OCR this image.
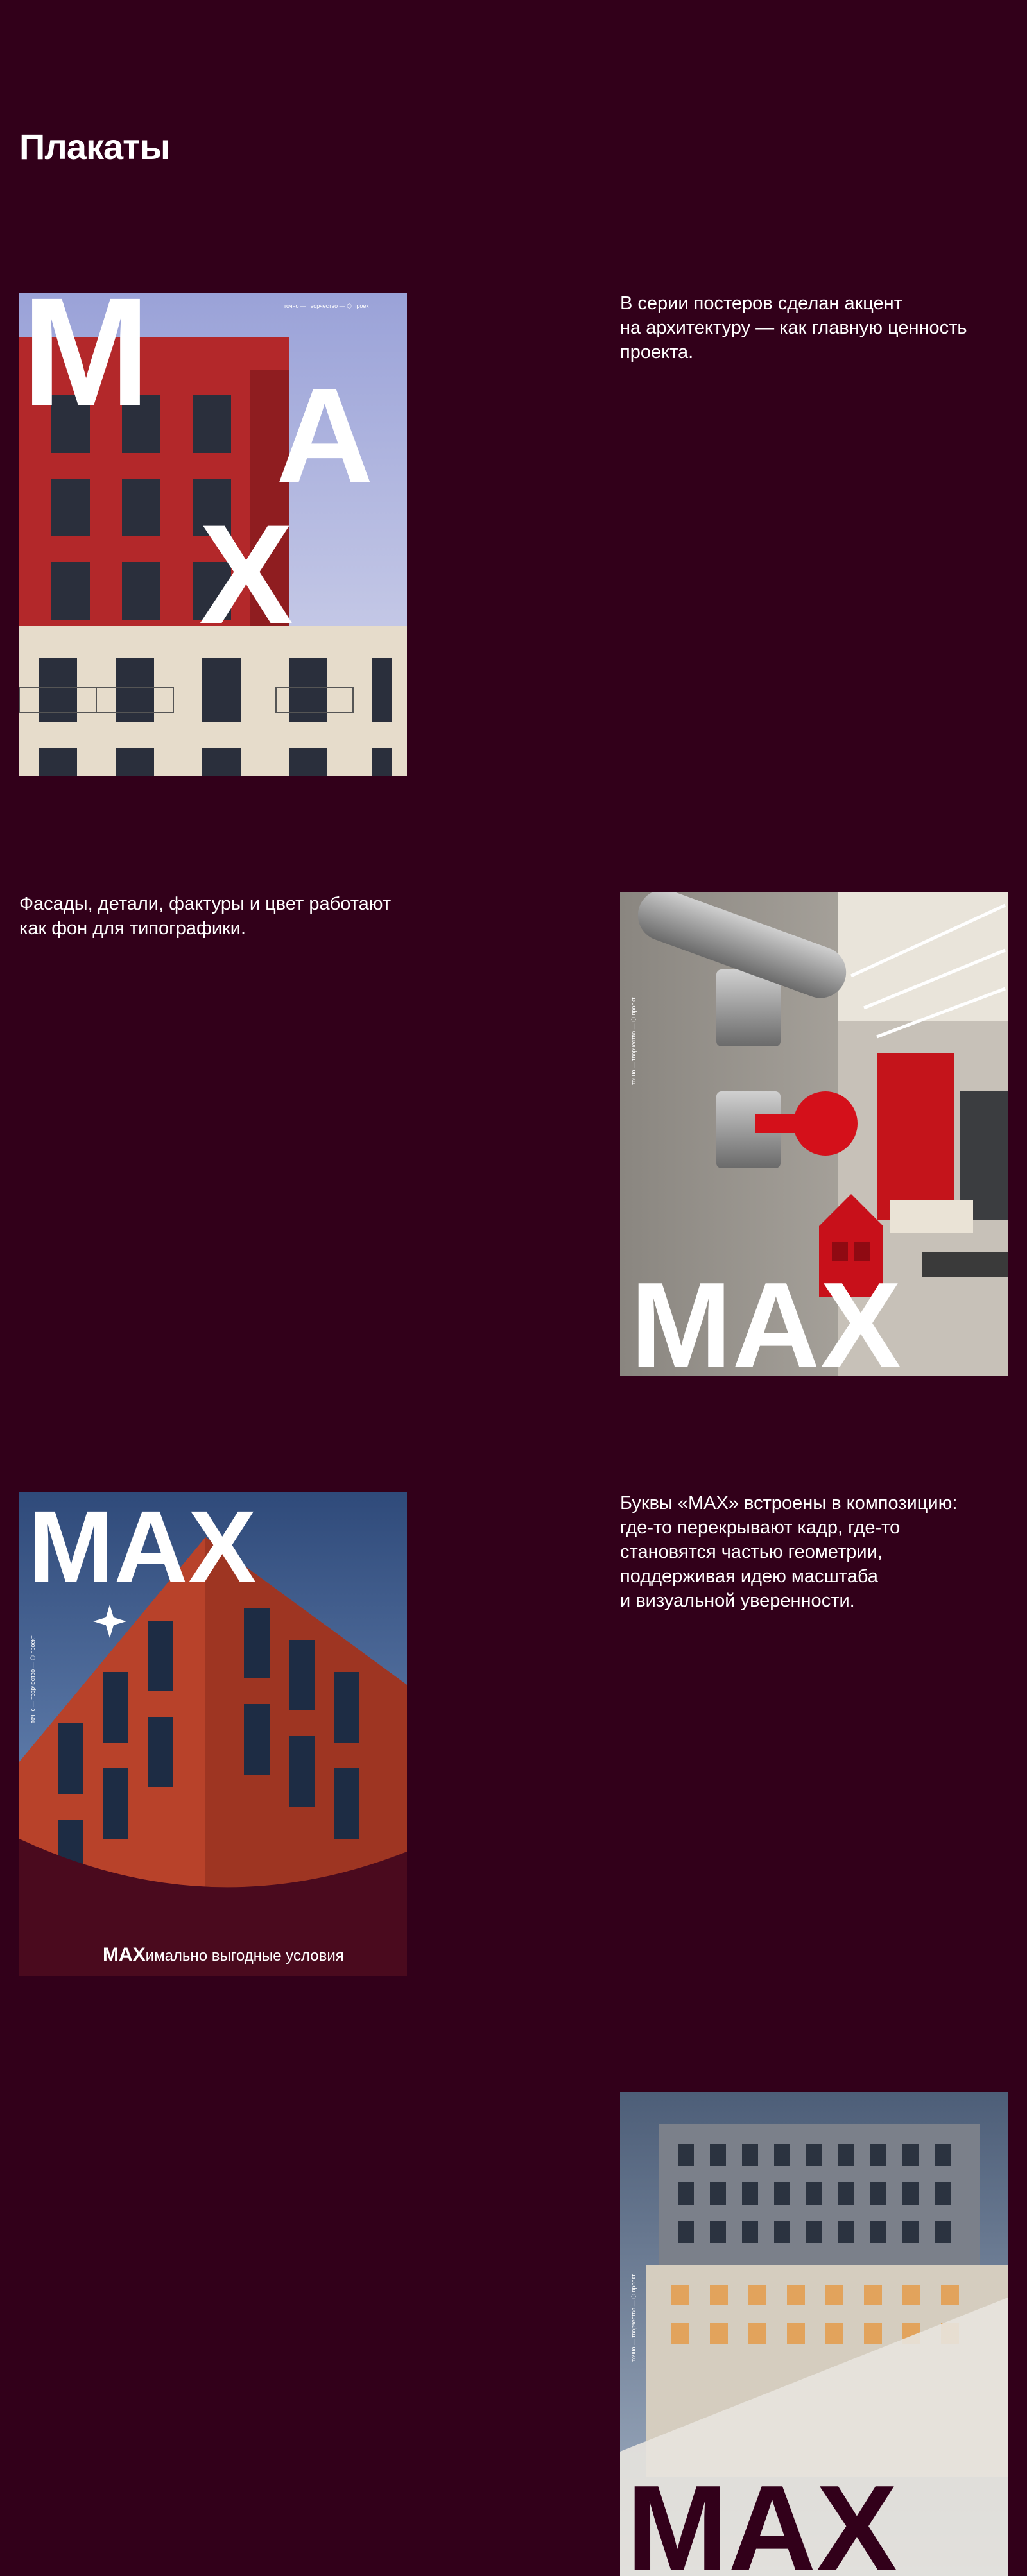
Плакаты

В серии постеров сделан акцент
на архитектуру — как главную ценность
проекта.

Фасады, детали, фактуры и цвет работают
как фон для типографики.

Буквы «MAX» встроены в композицию:
где-то перекрывают кадр, где-то
становятся частью геометрии,
поддерживая идею масштаба
и визуальной уверенности.

M A
X
точно — творчество — ⬡ проект
MAX
точно — творчество — ⬡ проект
MAX
точно — творчество — ⬡ проект
MAXимально выгодные условия
MAX
точно — творчество — ⬡ проект
